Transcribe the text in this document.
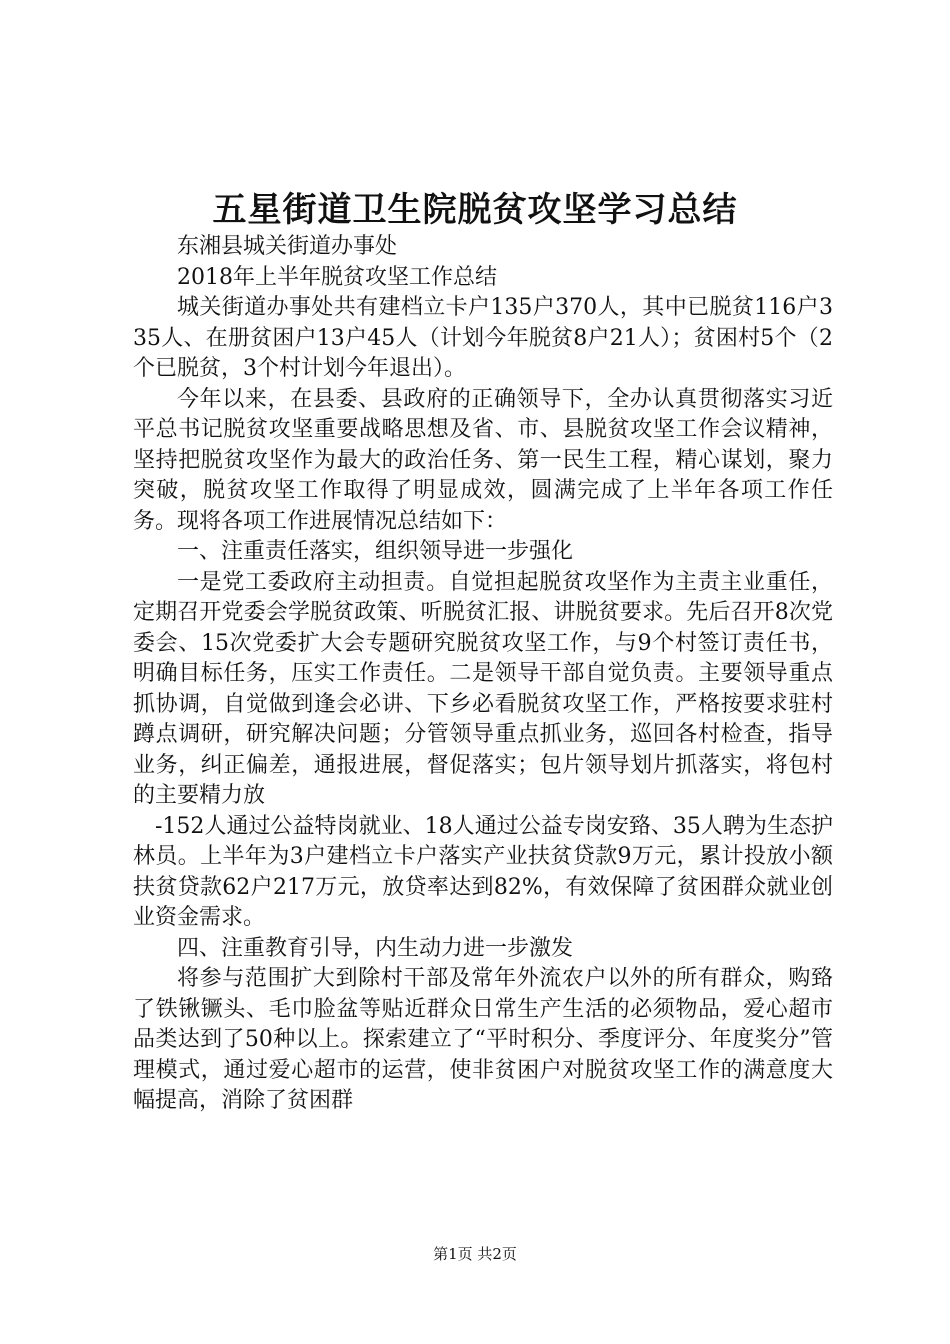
五星街道卫生院脱贫攻坚学习总结

东湘县城关街道办事处

2018年上半年脱贫攻坚工作总结

城关街道办事处共有建档立卡户135户370人，其中已脱贫116户335人、在册贫困户13户45人（计划今年脱贫8户21人）；贫困村5个（2个已脱贫，3个村计划今年退出）。

今年以来，在县委、县政府的正确领导下，全办认真贯彻落实习近平总书记脱贫攻坚重要战略思想及省、市、县脱贫攻坚工作会议精神，坚持把脱贫攻坚作为最大的政治任务、第一民生工程，精心谋划，聚力突破，脱贫攻坚工作取得了明显成效，圆满完成了上半年各项工作任务。现将各项工作进展情况总结如下：

一、注重责任落实，组织领导进一步强化

一是党工委政府主动担责。自觉担起脱贫攻坚作为主责主业重任，定期召开党委会学脱贫政策、听脱贫汇报、讲脱贫要求。先后召开8次党委会、15次党委扩大会专题研究脱贫攻坚工作，与9个村签订责任书，明确目标任务，压实工作责任。二是领导干部自觉负责。主要领导重点抓协调，自觉做到逢会必讲、下乡必看脱贫攻坚工作，严格按要求驻村蹲点调研，研究解决问题；分管领导重点抓业务，巡回各村检查，指导业务，纠正偏差，通报进展，督促落实；包片领导划片抓落实，将包村的主要精力放

-152人通过公益特岗就业、18人通过公益专岗安臵、35人聘为生态护林员。上半年为3户建档立卡户落实产业扶贫贷款9万元，累计投放小额扶贫贷款62户217万元，放贷率达到82%，有效保障了贫困群众就业创业资金需求。

四、注重教育引导，内生动力进一步激发

将参与范围扩大到除村干部及常年外流农户以外的所有群众，购臵了铁锹镢头、毛巾脸盆等贴近群众日常生产生活的必须物品，爱心超市品类达到了50种以上。探索建立了“平时积分、季度评分、年度奖分”管理模式，通过爱心超市的运营，使非贫困户对脱贫攻坚工作的满意度大幅提高，消除了贫困群

第1页 共2页
